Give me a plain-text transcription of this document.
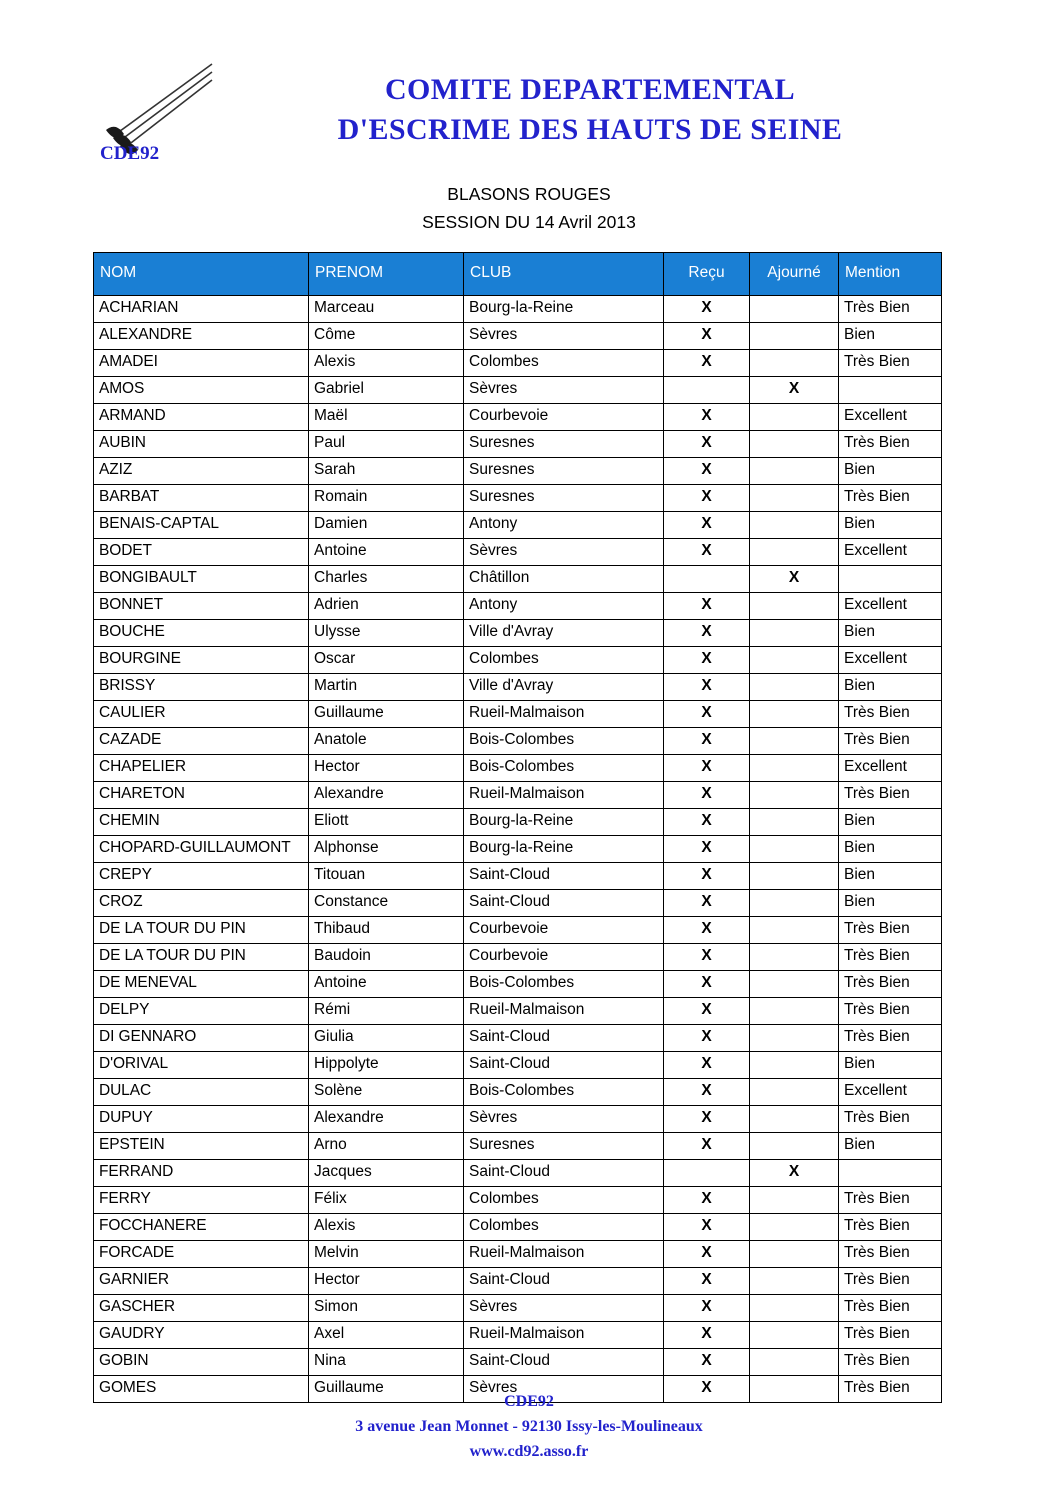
CDE92
COMITE DEPARTEMENTAL
D'ESCRIME DES HAUTS DE SEINE
BLASONS ROUGES
SESSION DU 14 Avril 2013
NOM	PRENOM	CLUB	Reçu	Ajourné	Mention
ACHARIAN	Marceau	Bourg-la-Reine	X		Très Bien
ALEXANDRE	Côme	Sèvres	X		Bien
AMADEI	Alexis	Colombes	X		Très Bien
AMOS	Gabriel	Sèvres		X	
ARMAND	Maël	Courbevoie	X		Excellent
AUBIN	Paul	Suresnes	X		Très Bien
AZIZ	Sarah	Suresnes	X		Bien
BARBAT	Romain	Suresnes	X		Très Bien
BENAIS-CAPTAL	Damien	Antony	X		Bien
BODET	Antoine	Sèvres	X		Excellent
BONGIBAULT	Charles	Châtillon		X	
BONNET	Adrien	Antony	X		Excellent
BOUCHE	Ulysse	Ville d'Avray	X		Bien
BOURGINE	Oscar	Colombes	X		Excellent
BRISSY	Martin	Ville d'Avray	X		Bien
CAULIER	Guillaume	Rueil-Malmaison	X		Très Bien
CAZADE	Anatole	Bois-Colombes	X		Très Bien
CHAPELIER	Hector	Bois-Colombes	X		Excellent
CHARETON	Alexandre	Rueil-Malmaison	X		Très Bien
CHEMIN	Eliott	Bourg-la-Reine	X		Bien
CHOPARD-GUILLAUMONT	Alphonse	Bourg-la-Reine	X		Bien
CREPY	Titouan	Saint-Cloud	X		Bien
CROZ	Constance	Saint-Cloud	X		Bien
DE LA TOUR DU PIN	Thibaud	Courbevoie	X		Très Bien
DE LA TOUR DU PIN	Baudoin	Courbevoie	X		Très Bien
DE MENEVAL	Antoine	Bois-Colombes	X		Très Bien
DELPY	Rémi	Rueil-Malmaison	X		Très Bien
DI GENNARO	Giulia	Saint-Cloud	X		Très Bien
D'ORIVAL	Hippolyte	Saint-Cloud	X		Bien
DULAC	Solène	Bois-Colombes	X		Excellent
DUPUY	Alexandre	Sèvres	X		Très Bien
EPSTEIN	Arno	Suresnes	X		Bien
FERRAND	Jacques	Saint-Cloud		X	
FERRY	Félix	Colombes	X		Très Bien
FOCCHANERE	Alexis	Colombes	X		Très Bien
FORCADE	Melvin	Rueil-Malmaison	X		Très Bien
GARNIER	Hector	Saint-Cloud	X		Très Bien
GASCHER	Simon	Sèvres	X		Très Bien
GAUDRY	Axel	Rueil-Malmaison	X		Très Bien
GOBIN	Nina	Saint-Cloud	X		Très Bien
GOMES	Guillaume	Sèvres	X		Très Bien
CDE92
3 avenue Jean Monnet - 92130 Issy-les-Moulineaux
www.cd92.asso.fr
